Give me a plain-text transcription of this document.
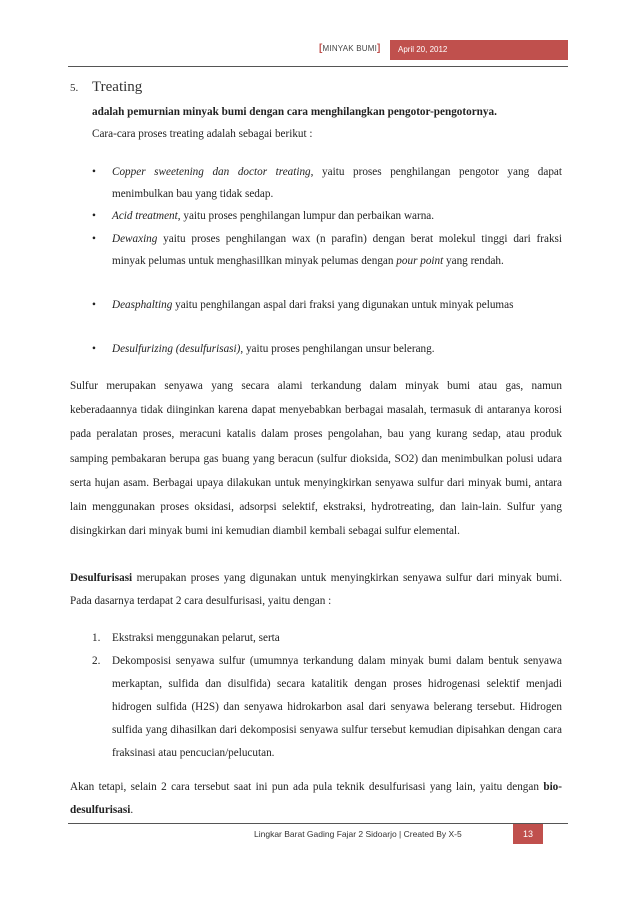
[MINYAK BUMI]	April 20, 2012
5. Treating
adalah pemurnian minyak bumi dengan cara menghilangkan pengotor-pengotornya.
Cara-cara proses treating adalah sebagai berikut :
• Copper sweetening dan doctor treating, yaitu proses penghilangan pengotor yang dapat menimbulkan bau yang tidak sedap.
• Acid treatment, yaitu proses penghilangan lumpur dan perbaikan warna.
• Dewaxing yaitu proses penghilangan wax (n parafin) dengan berat molekul tinggi dari fraksi minyak pelumas untuk menghasillkan minyak pelumas dengan pour point yang rendah.
• Deasphalting yaitu penghilangan aspal dari fraksi yang digunakan untuk minyak pelumas
• Desulfurizing (desulfurisasi), yaitu proses penghilangan unsur belerang.
Sulfur merupakan senyawa yang secara alami terkandung dalam minyak bumi atau gas, namun keberadaannya tidak diinginkan karena dapat menyebabkan berbagai masalah, termasuk di antaranya korosi pada peralatan proses, meracuni katalis dalam proses pengolahan, bau yang kurang sedap, atau produk samping pembakaran berupa gas buang yang beracun (sulfur dioksida, SO2) dan menimbulkan polusi udara serta hujan asam. Berbagai upaya dilakukan untuk menyingkirkan senyawa sulfur dari minyak bumi, antara lain menggunakan proses oksidasi, adsorpsi selektif, ekstraksi, hydrotreating, dan lain-lain. Sulfur yang disingkirkan dari minyak bumi ini kemudian diambil kembali sebagai sulfur elemental.
Desulfurisasi merupakan proses yang digunakan untuk menyingkirkan senyawa sulfur dari minyak bumi. Pada dasarnya terdapat 2 cara desulfurisasi, yaitu dengan :
1. Ekstraksi menggunakan pelarut, serta
2. Dekomposisi senyawa sulfur (umumnya terkandung dalam minyak bumi dalam bentuk senyawa merkaptan, sulfida dan disulfida) secara katalitik dengan proses hidrogenasi selektif menjadi hidrogen sulfida (H2S) dan senyawa hidrokarbon asal dari senyawa belerang tersebut. Hidrogen sulfida yang dihasilkan dari dekomposisi senyawa sulfur tersebut kemudian dipisahkan dengan cara fraksinasi atau pencucian/pelucutan.
Akan tetapi, selain 2 cara tersebut saat ini pun ada pula teknik desulfurisasi yang lain, yaitu dengan bio-desulfurisasi.
Lingkar Barat Gading Fajar 2 Sidoarjo | Created By X-5	13
